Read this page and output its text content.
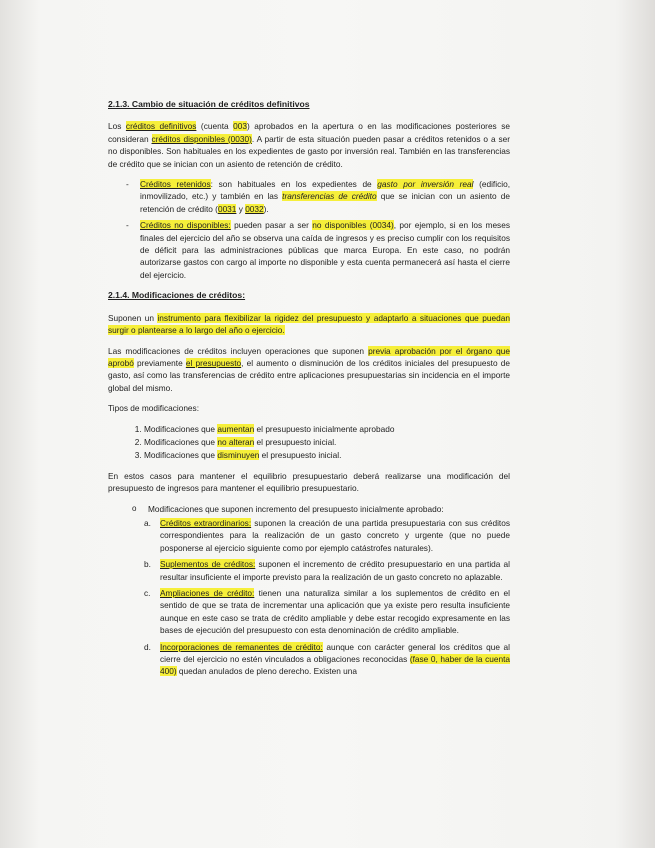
2.1.3. Cambio de situación de créditos definitivos

Los créditos definitivos (cuenta 003) aprobados en la apertura o en las modificaciones posteriores se consideran créditos disponibles (0030). A partir de esta situación pueden pasar a créditos retenidos o a ser no disponibles. Son habituales en los expedientes de gasto por inversión real. También en las transferencias de crédito que se inician con un asiento de retención de crédito.

- Créditos retenidos: son habituales en los expedientes de gasto por inversión real (edificio, inmovilizado, etc.) y también en las transferencias de crédito que se inician con un asiento de retención de crédito (0031 y 0032).
- Créditos no disponibles: pueden pasar a ser no disponibles (0034), por ejemplo, si en los meses finales del ejercicio del año se observa una caída de ingresos y es preciso cumplir con los requisitos de déficit para las administraciones públicas que marca Europa. En este caso, no podrán autorizarse gastos con cargo al importe no disponible y esta cuenta permanecerá así hasta el cierre del ejercicio.
2.1.4. Modificaciones de créditos:

Suponen un instrumento para flexibilizar la rigidez del presupuesto y adaptarlo a situaciones que puedan surgir o plantearse a lo largo del año o ejercicio.

Las modificaciones de créditos incluyen operaciones que suponen previa aprobación por el órgano que aprobó previamente el presupuesto, el aumento o disminución de los créditos iniciales del presupuesto de gasto, así como las transferencias de crédito entre aplicaciones presupuestarias sin incidencia en el importe global del mismo.

Tipos de modificaciones:

1. Modificaciones que aumentan el presupuesto inicialmente aprobado
2. Modificaciones que no alteran el presupuesto inicial.
3. Modificaciones que disminuyen el presupuesto inicial.

En estos casos para mantener el equilibrio presupuestario deberá realizarse una modificación del presupuesto de ingresos para mantener el equilibrio presupuestario.

o Modificaciones que suponen incremento del presupuesto inicialmente aprobado:
a. Créditos extraordinarios: suponen la creación de una partida presupuestaria con sus créditos correspondientes para la realización de un gasto concreto y urgente (que no puede posponerse al ejercicio siguiente como por ejemplo catástrofes naturales).
b. Suplementos de créditos: suponen el incremento de crédito presupuestario en una partida al resultar insuficiente el importe previsto para la realización de un gasto concreto no aplazable.
c. Ampliaciones de crédito: tienen una naturaliza similar a los suplementos de crédito en el sentido de que se trata de incrementar una aplicación que ya existe pero resulta insuficiente aunque en este caso se trata de crédito ampliable y debe estar recogido expresamente en las bases de ejecución del presupuesto con esta denominación de crédito ampliable.
d. Incorporaciones de remanentes de crédito: aunque con carácter general los créditos que al cierre del ejercicio no estén vinculados a obligaciones reconocidas (fase 0, haber de la cuenta 400) quedan anulados de pleno derecho. Existen una
